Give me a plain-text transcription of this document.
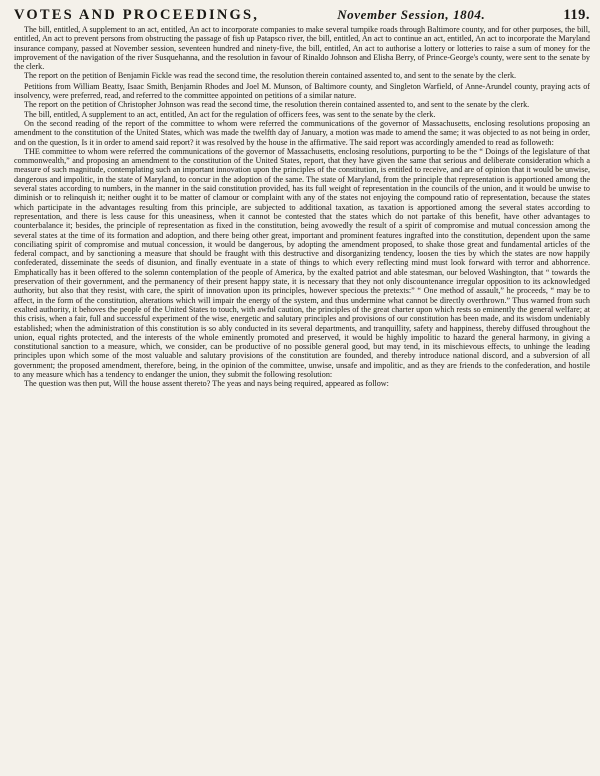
VOTES AND PROCEEDINGS,	November Session, 1804.	119.

The bill, entitled, A supplement to an act, entitled, An act to incorporate companies to make several turnpike roads through Baltimore county, and for other purposes, the bill, entitled, An act to prevent persons from obstructing the passage of fish up Patapsco river, the bill, entitled, An act to continue an act, entitled, An act to incorporate the Maryland insurance company, passed at November session, seventeen hundred and ninety-five, the bill, entitled, An act to authorise a lottery or lotteries to raise a sum of money for the improvement of the navigation of the river Susquehanna, and the resolution in favour of Rinaldo Johnson and Elisha Berry, of Prince-George's county, were sent to the senate by the clerk.

The report on the petition of Benjamin Fickle was read the second time, the resolution therein contained assented to, and sent to the senate by the clerk.

Petitions from William Beatty, Isaac Smith, Benjamin Rhodes and Joel M. Munson, of Baltimore county, and Singleton Warfield, of Anne-Arundel county, praying acts of insolvency, were preferred, read, and referred to the committee appointed on petitions of a similar nature.

The report on the petition of Christopher Johnson was read the second time, the resolution therein contained assented to, and sent to the senate by the clerk.

The bill, entitled, A supplement to an act, entitled, An act for the regulation of officers fees, was sent to the senate by the clerk.

On the second reading of the report of the committee to whom were referred the communications of the governor of Massachusetts, enclosing resolutions proposing an amendment to the constitution of the United States, which was made the twelfth day of January, a motion was made to amend the same; it was objected to as not being in order, and on the question, Is it in order to amend said report? it was resolved by the house in the affirmative. The said report was accordingly amended to read as followeth:

THE committee to whom were referred the communications of the governor of Massachusetts, enclosing resolutions, purporting to be the “ Doings of the legislature of that commonwealth,” and proposing an amendment to the constitution of the United States, report, that they have given the same that serious and deliberate consideration which a measure of such magnitude, contemplating such an important innovation upon the principles of the constitution, is entitled to receive, and are of opinion that it would be unwise, dangerous and impolitic, in the state of Maryland, to concur in the adoption of the same. The state of Maryland, from the principle that representation is apportioned among the several states according to numbers, in the manner in the said constitution provided, has its full weight of representation in the councils of the union, and it would be unwise to diminish or to relinquish it; neither ought it to be matter of clamour or complaint with any of the states not enjoying the compound ratio of representation, because the states which participate in the advantages resulting from this principle, are subjected to additional taxation, as taxation is apportioned among the several states according to representation, and there is less cause for this uneasiness, when it cannot be contested that the states which do not partake of this benefit, have other advantages to counterbalance it; besides, the principle of representation as fixed in the constitution, being avowedly the result of a spirit of compromise and mutual concession among the several states at the time of its formation and adoption, and there being other great, important and prominent features ingrafted into the constitution, dependent upon the same conciliating spirit of compromise and mutual concession, it would be dangerous, by adopting the amendment proposed, to shake those great and fundamental articles of the federal compact, and by sanctioning a measure that should be fraught with this destructive and disorganizing tendency, loosen the ties by which the states are now happily confederated, disseminate the seeds of disunion, and finally eventuate in a state of things to which every reflecting mind must look forward with terror and abhorrence. Emphatically has it been offered to the solemn contemplation of the people of America, by the exalted patriot and able statesman, our beloved Washington, that “ towards the preservation of their government, and the permanency of their present happy state, it is necessary that they not only discountenance irregular opposition to its acknowledged authority, but also that they resist, with care, the spirit of innovation upon its principles, however specious the pretexts:” “ One method of assault,” he proceeds, “ may be to affect, in the form of the constitution, alterations which will impair the energy of the system, and thus undermine what cannot be directly overthrown.” Thus warned from such exalted authority, it behoves the people of the United States to touch, with awful caution, the principles of the great charter upon which rests so eminently the general welfare; at this crisis, when a fair, full and successful experiment of the wise, energetic and salutary principles and provisions of our constitution has been made, and its wisdom undeniably established; when the administration of this constitution is so ably conducted in its several departments, and tranquillity, safety and happiness, thereby diffused throughout the union, equal rights protected, and the interests of the whole eminently promoted and preserved, it would be highly impolitic to hazard the general harmony, in giving a constitutional sanction to a measure, which, we consider, can be productive of no possible general good, but may tend, in its mischievous effects, to unhinge the leading principles upon which some of the most valuable and salutary provisions of the constitution are founded, and thereby introduce national discord, and a subversion of all government; the proposed amendment, therefore, being, in the opinion of the committee, unwise, unsafe and impolitic, and as they are friends to the confederation, and hostile to any measure which has a tendency to endanger the union, they submit the following resolution:

The question was then put, Will the house assent thereto? The yeas and nays being required, appeared as follow:
